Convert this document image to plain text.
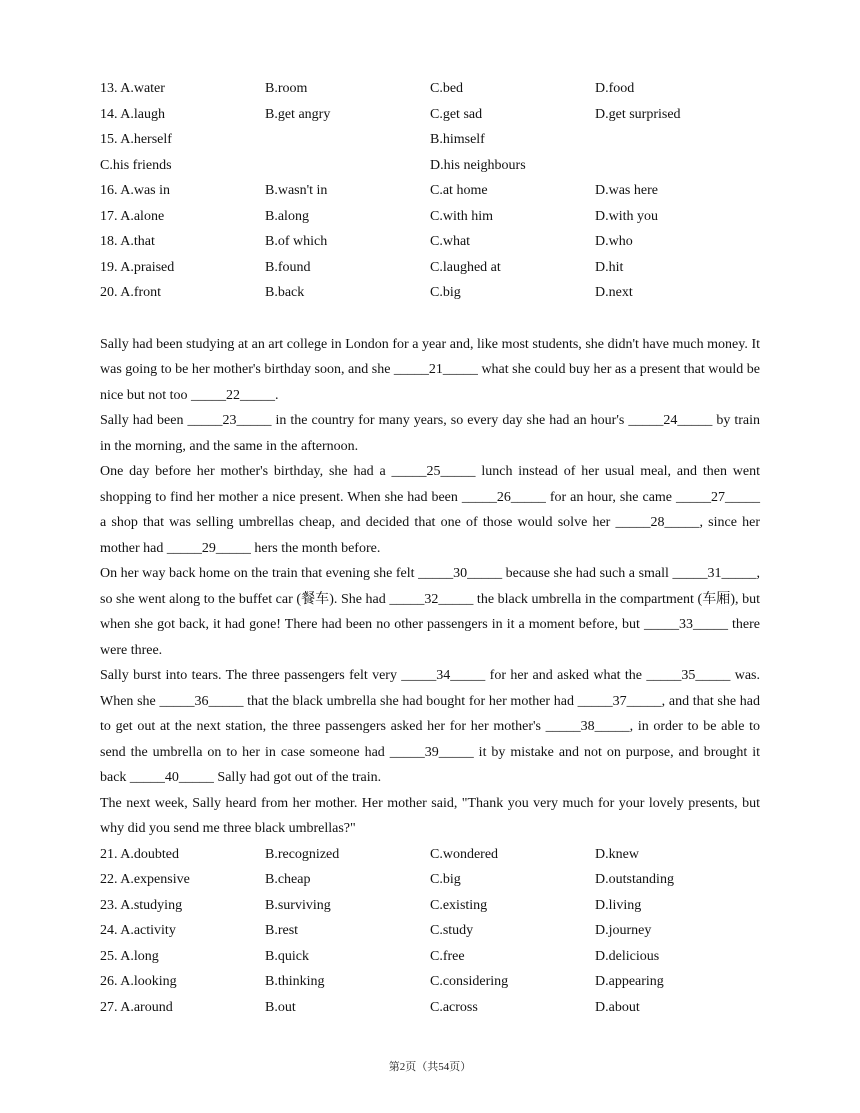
13. A.water	B.room	C.bed	D.food
14. A.laugh	B.get angry	C.get sad	D.get surprised
15. A.herself	B.himself
C.his friends	D.his neighbours
16. A.was in	B.wasn't in	C.at home	D.was here
17. A.alone	B.along	C.with him	D.with you
18. A.that	B.of which	C.what	D.who
19. A.praised	B.found	C.laughed at	D.hit
20. A.front	B.back	C.big	D.next

Sally had been studying at an art college in London for a year and, like most students, she didn't have much money. It was going to be her mother's birthday soon, and she _____21_____ what she could buy her as a present that would be nice but not too _____22_____.

Sally had been _____23_____ in the country for many years, so every day she had an hour's _____24_____ by train in the morning, and the same in the afternoon.

One day before her mother's birthday, she had a _____25_____ lunch instead of her usual meal, and then went shopping to find her mother a nice present. When she had been _____26_____ for an hour, she came _____27_____ a shop that was selling umbrellas cheap, and decided that one of those would solve her _____28_____, since her mother had _____29_____ hers the month before.

On her way back home on the train that evening she felt _____30_____ because she had such a small _____31_____, so she went along to the buffet car (餐车). She had _____32_____ the black umbrella in the compartment (车厢), but when she got back, it had gone! There had been no other passengers in it a moment before, but _____33_____ there were three.

Sally burst into tears. The three passengers felt very _____34_____ for her and asked what the _____35_____ was. When she _____36_____ that the black umbrella she had bought for her mother had _____37_____, and that she had to get out at the next station, the three passengers asked her for her mother's _____38_____, in order to be able to send the umbrella on to her in case someone had _____39_____ it by mistake and not on purpose, and brought it back _____40_____ Sally had got out of the train.

The next week, Sally heard from her mother. Her mother said, "Thank you very much for your lovely presents, but why did you send me three black umbrellas?"

21. A.doubted	B.recognized	C.wondered	D.knew
22. A.expensive	B.cheap	C.big	D.outstanding
23. A.studying	B.surviving	C.existing	D.living
24. A.activity	B.rest	C.study	D.journey
25. A.long	B.quick	C.free	D.delicious
26. A.looking	B.thinking	C.considering	D.appearing
27. A.around	B.out	C.across	D.about
第2页（共54页）
